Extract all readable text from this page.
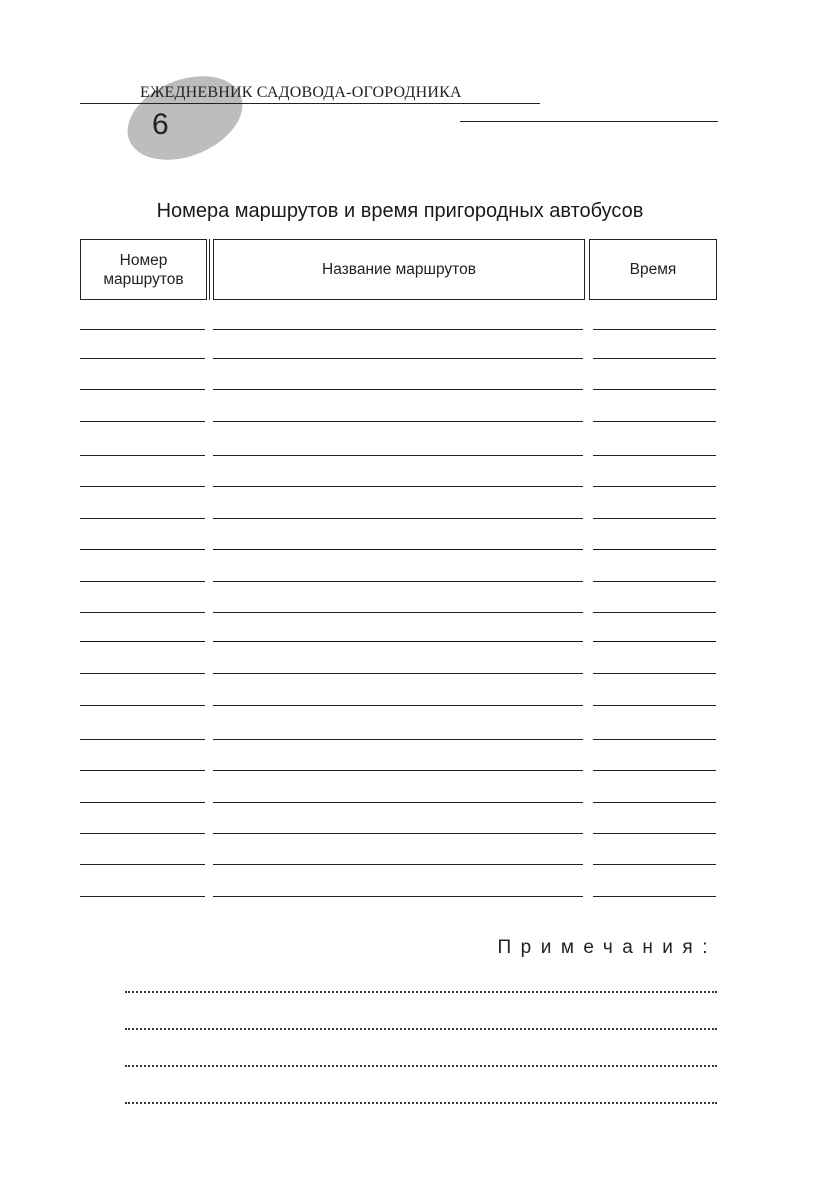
6
ЕЖЕДНЕВНИК САДОВОДА-ОГОРОДНИКА
Номера маршрутов и время пригородных автобусов
Номер
маршрутов
Название маршрутов	Время
Примечания:
